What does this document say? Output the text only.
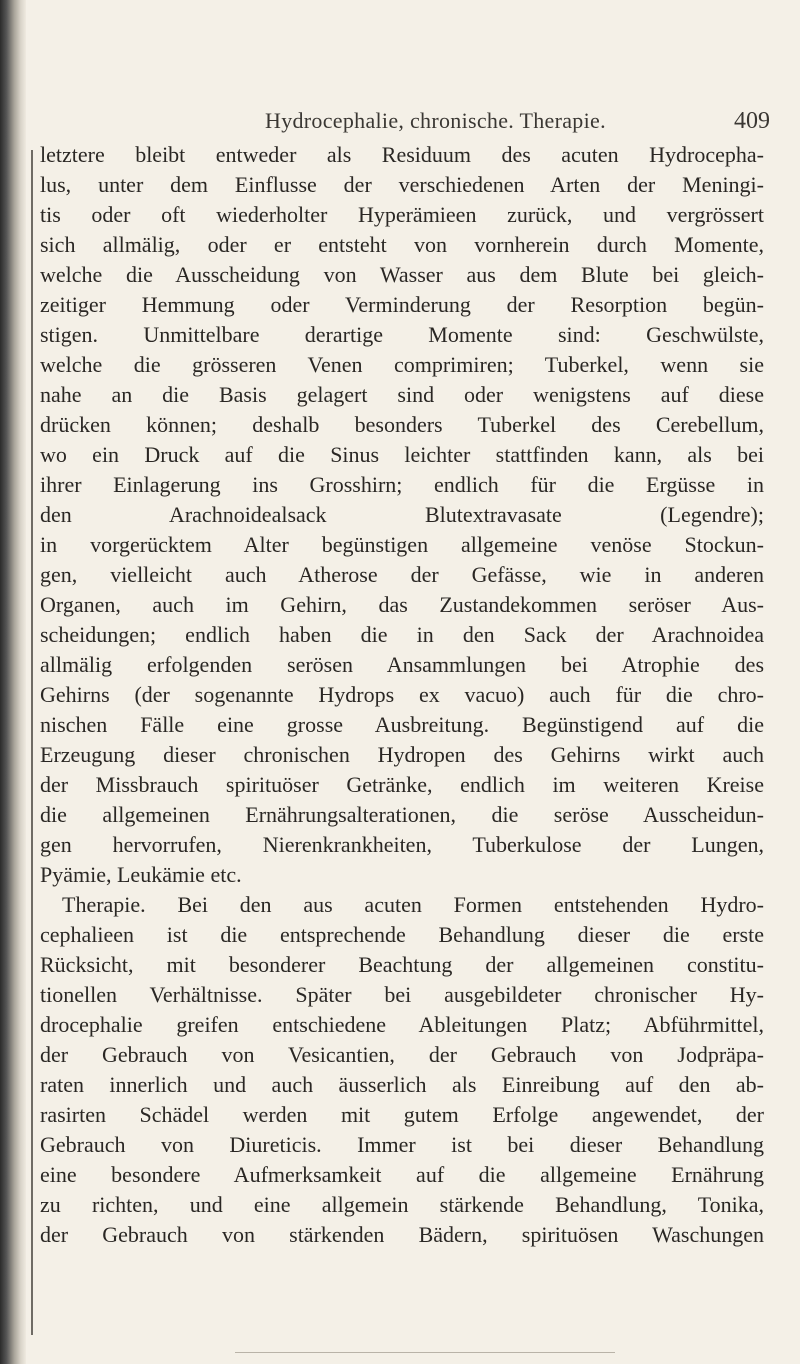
Hydrocephalie, chronische. Therapie.	409
letztere bleibt entweder als Residuum des acuten Hydrocepha-
lus, unter dem Einflusse der verschiedenen Arten der Meningi-
tis oder oft wiederholter Hyperämieen zurück, und vergrössert
sich allmälig, oder er entsteht von vornherein durch Momente,
welche die Ausscheidung von Wasser aus dem Blute bei gleich-
zeitiger Hemmung oder Verminderung der Resorption begün-
stigen. Unmittelbare derartige Momente sind: Geschwülste,
welche die grösseren Venen comprimiren; Tuberkel, wenn sie
nahe an die Basis gelagert sind oder wenigstens auf diese
drücken können; deshalb besonders Tuberkel des Cerebellum,
wo ein Druck auf die Sinus leichter stattfinden kann, als bei
ihrer Einlagerung ins Grosshirn; endlich für die Ergüsse in
den Arachnoidealsack Blutextravasate (Legendre);
in vorgerücktem Alter begünstigen allgemeine venöse Stockun-
gen, vielleicht auch Atherose der Gefässe, wie in anderen
Organen, auch im Gehirn, das Zustandekommen seröser Aus-
scheidungen; endlich haben die in den Sack der Arachnoidea
allmälig erfolgenden serösen Ansammlungen bei Atrophie des
Gehirns (der sogenannte Hydrops ex vacuo) auch für die chro-
nischen Fälle eine grosse Ausbreitung. Begünstigend auf die
Erzeugung dieser chronischen Hydropen des Gehirns wirkt auch
der Missbrauch spirituöser Getränke, endlich im weiteren Kreise
die allgemeinen Ernährungsalterationen, die seröse Ausscheidun-
gen hervorrufen, Nierenkrankheiten, Tuberkulose der Lungen,
Pyämie, Leukämie etc.
Therapie. Bei den aus acuten Formen entstehenden Hydro-
cephalieen ist die entsprechende Behandlung dieser die erste
Rücksicht, mit besonderer Beachtung der allgemeinen constitu-
tionellen Verhältnisse. Später bei ausgebildeter chronischer Hy-
drocephalie greifen entschiedene Ableitungen Platz; Abführmittel,
der Gebrauch von Vesicantien, der Gebrauch von Jodpräpa-
raten innerlich und auch äusserlich als Einreibung auf den ab-
rasirten Schädel werden mit gutem Erfolge angewendet, der
Gebrauch von Diureticis. Immer ist bei dieser Behandlung
eine besondere Aufmerksamkeit auf die allgemeine Ernährung
zu richten, und eine allgemein stärkende Behandlung, Tonika,
der Gebrauch von stärkenden Bädern, spirituösen Waschungen
